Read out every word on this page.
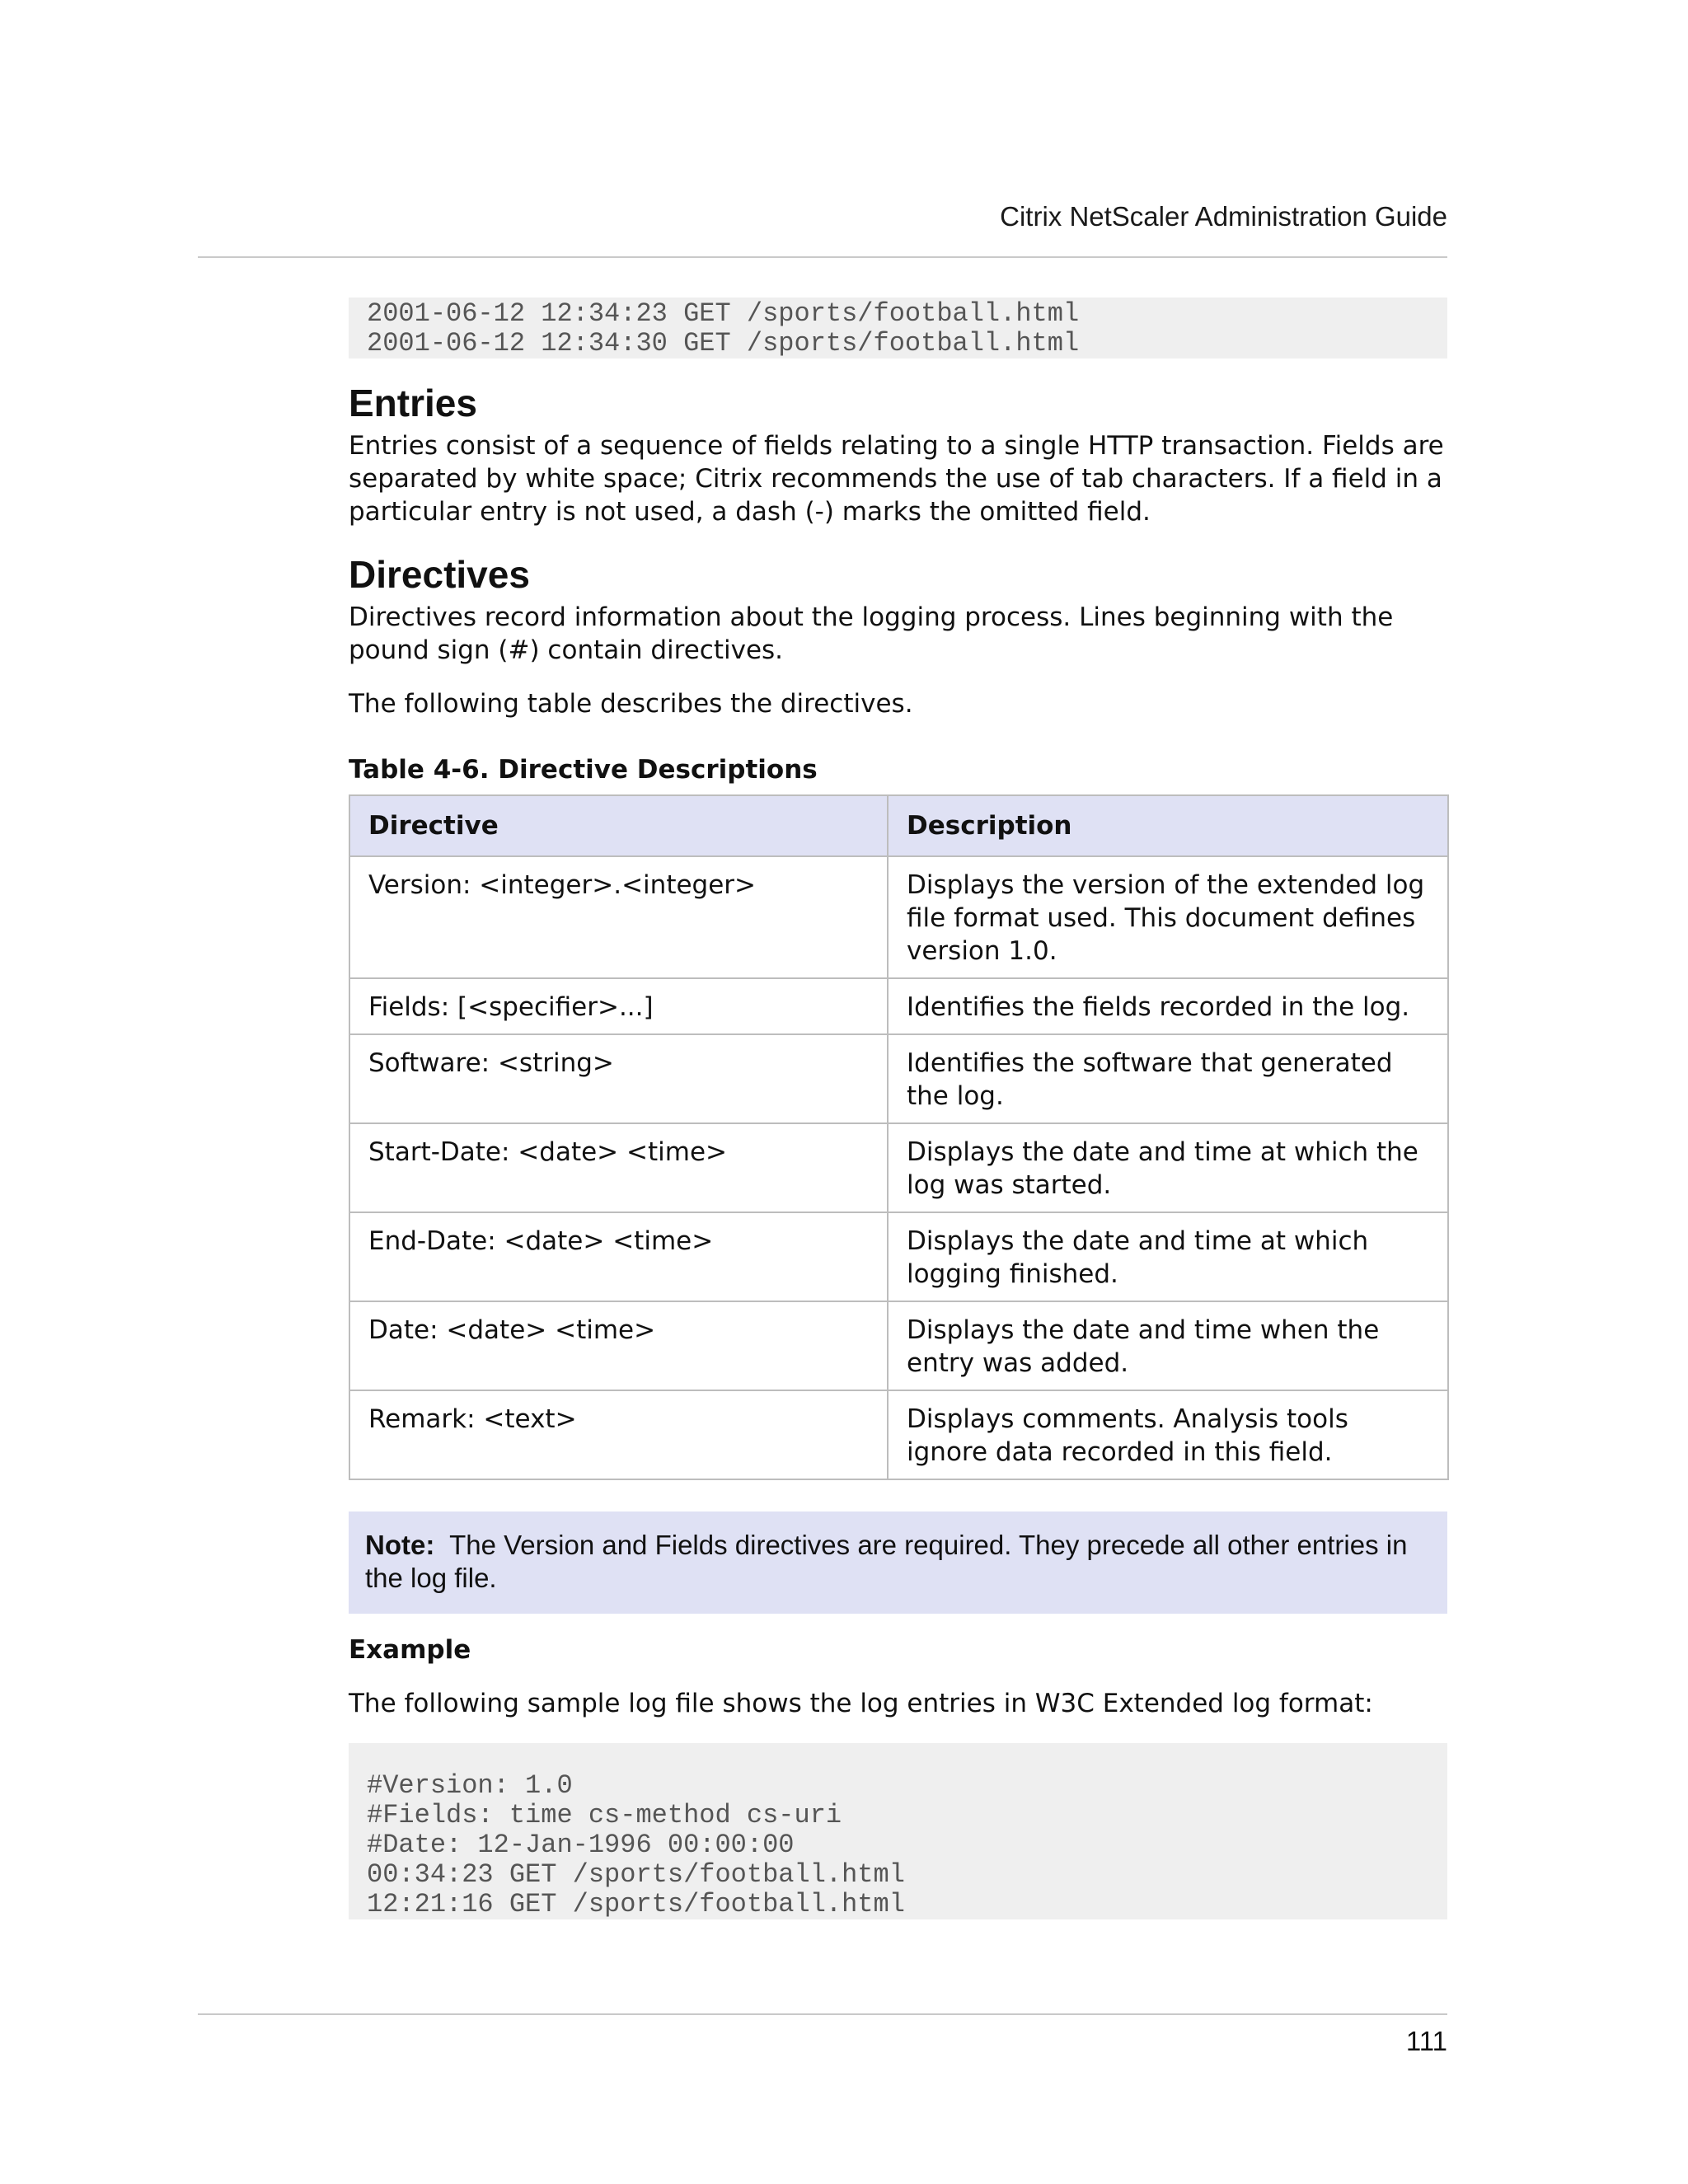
Citrix NetScaler Administration Guide
2001-06-12 12:34:23 GET /sports/football.html
2001-06-12 12:34:30 GET /sports/football.html
Entries

Entries consist of a sequence of fields relating to a single HTTP transaction. Fields are separated by white space; Citrix recommends the use of tab characters. If a field in a particular entry is not used, a dash (-) marks the omitted field.

Directives

Directives record information about the logging process. Lines beginning with the pound sign (#) contain directives.

The following table describes the directives.

Table 4-6. Directive Descriptions
Directive	Description
Version: <integer>.<integer>	Displays the version of the extended log file format used. This document defines version 1.0.
Fields: [<specifier>...]	Identifies the fields recorded in the log.
Software: <string>	Identifies the software that generated the log.
Start-Date: <date> <time>	Displays the date and time at which the log was started.
End-Date: <date> <time>	Displays the date and time at which logging finished.
Date: <date> <time>	Displays the date and time when the entry was added.
Remark: <text>	Displays comments. Analysis tools ignore data recorded in this field.
Note: The Version and Fields directives are required. They precede all other entries in the log file.
Example

The following sample log file shows the log entries in W3C Extended log format:

#Version: 1.0
#Fields: time cs-method cs-uri
#Date: 12-Jan-1996 00:00:00
00:34:23 GET /sports/football.html
12:21:16 GET /sports/football.html
111
